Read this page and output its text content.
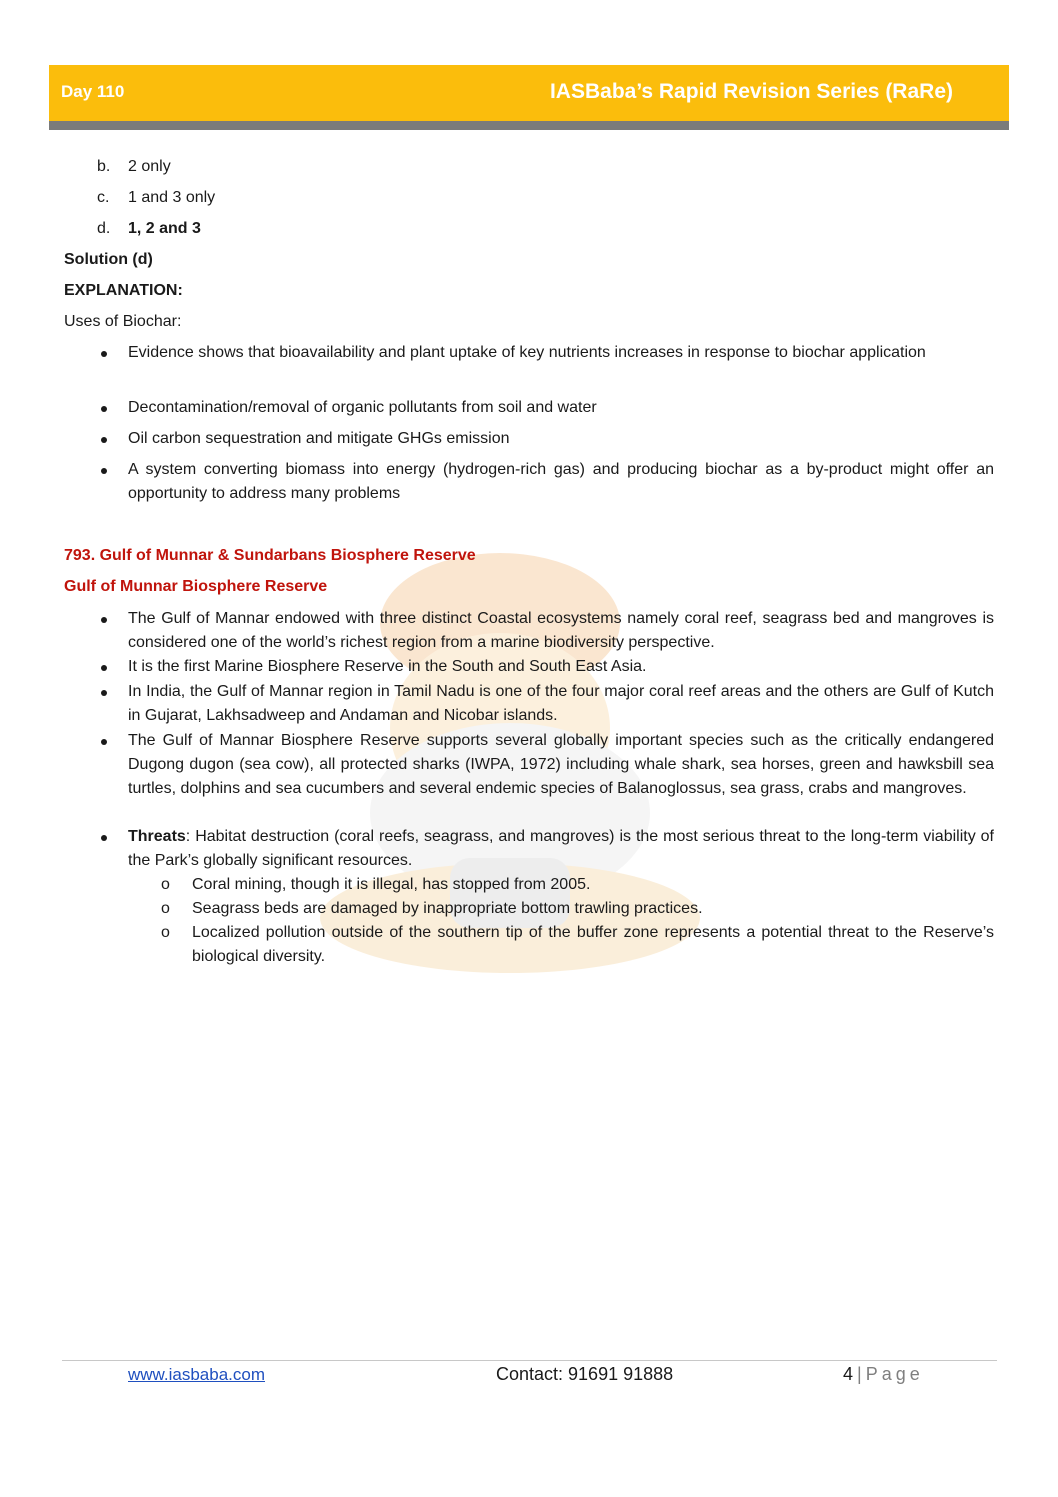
Day 110	IASBaba’s Rapid Revision Series (RaRe)
b. 2 only
c. 1 and 3 only
d. 1, 2 and 3
Solution (d)
EXPLANATION:
Uses of Biochar:
Evidence shows that bioavailability and plant uptake of key nutrients increases in response to biochar application
Decontamination/removal of organic pollutants from soil and water
Oil carbon sequestration and mitigate GHGs emission
A system converting biomass into energy (hydrogen-rich gas) and producing biochar as a by-product might offer an opportunity to address many problems
793. Gulf of Munnar & Sundarbans Biosphere Reserve
Gulf of Munnar Biosphere Reserve
The Gulf of Mannar endowed with three distinct Coastal ecosystems namely coral reef, seagrass bed and mangroves is considered one of the world’s richest region from a marine biodiversity perspective.
It is the first Marine Biosphere Reserve in the South and South East Asia.
In India, the Gulf of Mannar region in Tamil Nadu is one of the four major coral reef areas and the others are Gulf of Kutch in Gujarat, Lakhsadweep and Andaman and Nicobar islands.
The Gulf of Mannar Biosphere Reserve supports several globally important species such as the critically endangered Dugong dugon (sea cow), all protected sharks (IWPA, 1972) including whale shark, sea horses, green and hawksbill sea turtles, dolphins and sea cucumbers and several endemic species of Balanoglossus, sea grass, crabs and mangroves.
Threats: Habitat destruction (coral reefs, seagrass, and mangroves) is the most serious threat to the long-term viability of the Park’s globally significant resources.
o Coral mining, though it is illegal, has stopped from 2005.
o Seagrass beds are damaged by inappropriate bottom trawling practices.
o Localized pollution outside of the southern tip of the buffer zone represents a potential threat to the Reserve’s biological diversity.
www.iasbaba.com	Contact: 91691 91888	4 | Page
